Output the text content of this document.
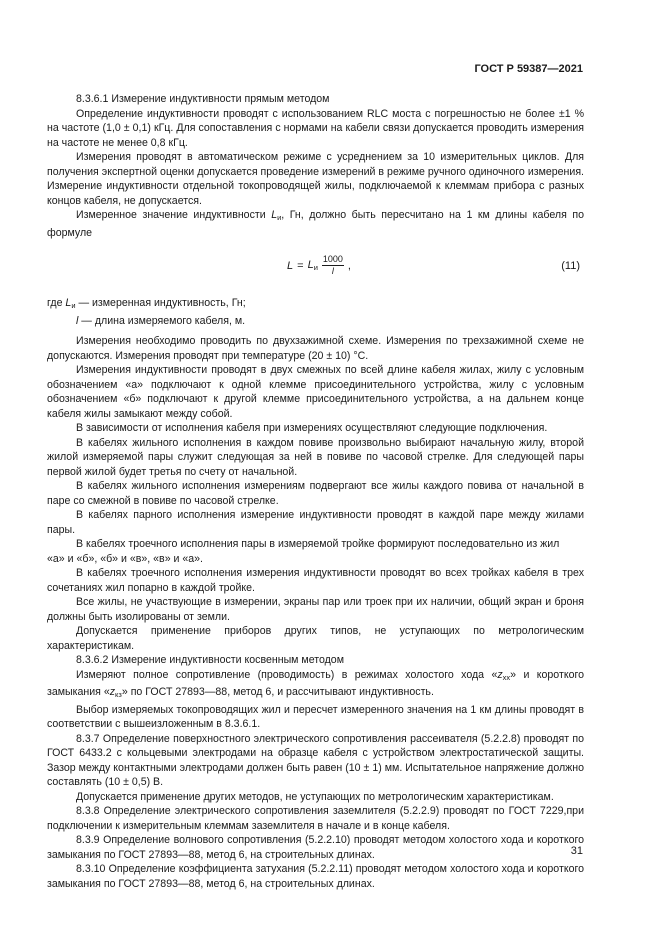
ГОСТ Р 59387—2021

8.3.6.1 Измерение индуктивности прямым методом

Определение индуктивности проводят с использованием RLC моста с погрешностью не более ±1 % на частоте (1,0 ± 0,1) кГц. Для сопоставления с нормами на кабели связи допускается проводить измерения на частоте не менее 0,8 кГц.

Измерения проводят в автоматическом режиме с усреднением за 10 измерительных циклов. Для получения экспертной оценки допускается проведение измерений в режиме ручного одиночного измерения. Измерение индуктивности отдельной токопроводящей жилы, подключаемой к клеммам прибора с разных концов кабеля, не допускается.

Измеренное значение индуктивности $L_и$, Гн, должно быть пересчитано на 1 км длины кабеля по формуле

$L = L_и \frac{1000}{l}$ ,	(11)

где $L_и$ — измеренная индуктивность, Гн;

l — длина измеряемого кабеля, м.

Измерения необходимо проводить по двухзажимной схеме. Измерения по трехзажимной схеме не допускаются. Измерения проводят при температуре (20 ± 10) °С.

Измерения индуктивности проводят в двух смежных по всей длине кабеля жилах, жилу с условным обозначением «а» подключают к одной клемме присоединительного устройства, жилу с условным обозначением «б» подключают к другой клемме присоединительного устройства, а на дальнем конце кабеля жилы замыкают между собой.

В зависимости от исполнения кабеля при измерениях осуществляют следующие подключения.

В кабелях жильного исполнения в каждом повиве произвольно выбирают начальную жилу, второй жилой измеряемой пары служит следующая за ней в повиве по часовой стрелке. Для следующей пары первой жилой будет третья по счету от начальной.

В кабелях жильного исполнения измерениям подвергают все жилы каждого повива от начальной в паре со смежной в повиве по часовой стрелке.

В кабелях парного исполнения измерение индуктивности проводят в каждой паре между жилами пары.

В кабелях троечного исполнения пары в измеряемой тройке формируют последовательно из жил

«а» и «б», «б» и «в», «в» и «а».

В кабелях троечного исполнения измерения индуктивности проводят во всех тройках кабеля в трех сочетаниях жил попарно в каждой тройке.

Все жилы, не участвующие в измерении, экраны пар или троек при их наличии, общий экран и броня должны быть изолированы от земли.

Допускается применение приборов других типов, не уступающих по метрологическим характеристикам.

8.3.6.2 Измерение индуктивности косвенным методом

Измеряют полное сопротивление (проводимость) в режимах холостого хода «$z_{хх}$» и короткого замыкания «$z_{кз}$» по ГОСТ 27893—88, метод 6, и рассчитывают индуктивность.

Выбор измеряемых токопроводящих жил и пересчет измеренного значения на 1 км длины проводят в соответствии с вышеизложенным в 8.3.6.1.

8.3.7 Определение поверхностного электрического сопротивления рассеивателя (5.2.2.8) проводят по ГОСТ 6433.2 с кольцевыми электродами на образце кабеля с устройством электростатической защиты. Зазор между контактными электродами должен быть равен (10 ± 1) мм. Испытательное напряжение должно составлять (10 ± 0,5) В.

Допускается применение других методов, не уступающих по метрологическим характеристикам.

8.3.8 Определение электрического сопротивления заземлителя (5.2.2.9) проводят по ГОСТ 7229,при подключении к измерительным клеммам заземлителя в начале и в конце кабеля.

8.3.9 Определение волнового сопротивления (5.2.2.10) проводят методом холостого хода и короткого замыкания по ГОСТ 27893—88, метод 6, на строительных длинах.

8.3.10 Определение коэффициента затухания (5.2.2.11) проводят методом холостого хода и короткого замыкания по ГОСТ 27893—88, метод 6, на строительных длинах.

31
